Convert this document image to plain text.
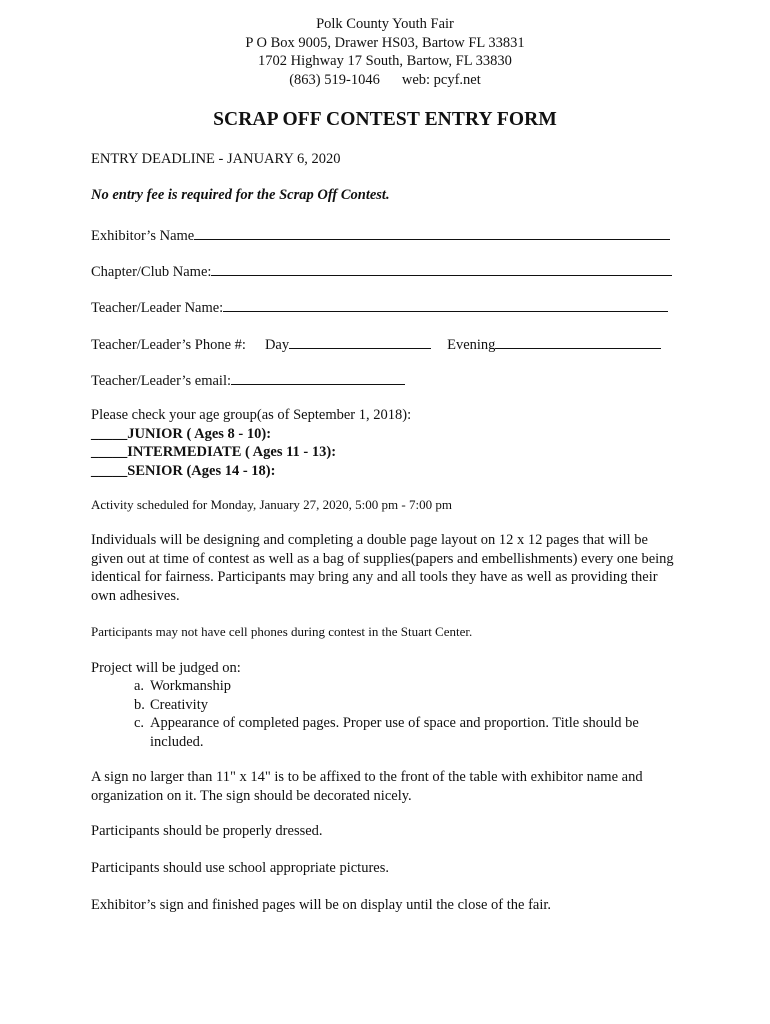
Polk County Youth Fair
P O Box 9005, Drawer HS03, Bartow FL 33831
1702 Highway 17 South, Bartow, FL 33830
(863) 519-1046 web: pcyf.net
SCRAP OFF CONTEST ENTRY FORM
ENTRY DEADLINE - JANUARY 6, 2020
No entry fee is required for the Scrap Off Contest.
Exhibitor’s Name
Chapter/Club Name:
Teacher/Leader Name:
Teacher/Leader’s Phone #: Day	Evening
Teacher/Leader’s email:
Please check your age group(as of September 1, 2018):
_____JUNIOR ( Ages 8 - 10):
_____INTERMEDIATE ( Ages 11 - 13):
_____SENIOR (Ages 14 - 18):
Activity scheduled for Monday, January 27, 2020, 5:00 pm - 7:00 pm
Individuals will be designing and completing a double page layout on 12 x 12 pages that will be given out at time of contest as well as a bag of supplies(papers and embellishments) every one being identical for fairness. Participants may bring any and all tools they have as well as providing their own adhesives.
Participants may not have cell phones during contest in the Stuart Center.
Project will be judged on:
a. Workmanship
b. Creativity
c. Appearance of completed pages. Proper use of space and proportion. Title should be included.
A sign no larger than 11" x 14" is to be affixed to the front of the table with exhibitor name and organization on it. The sign should be decorated nicely.
Participants should be properly dressed.
Participants should use school appropriate pictures.
Exhibitor’s sign and finished pages will be on display until the close of the fair.
